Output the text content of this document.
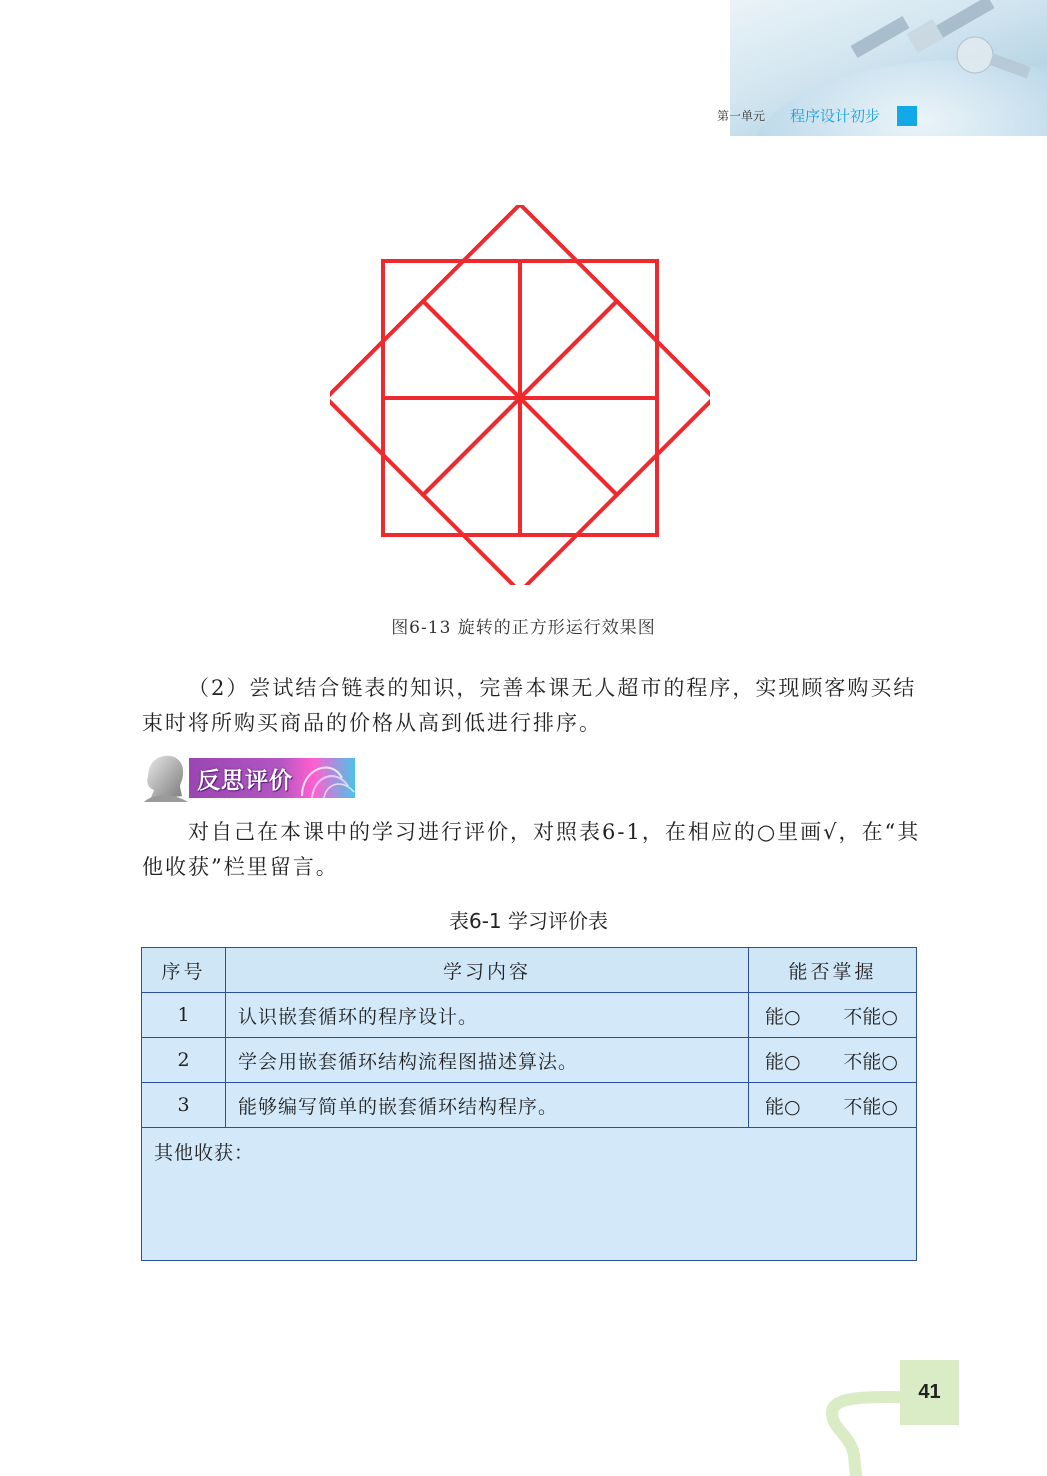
第一单元 程序设计初步
图6-13 旋转的正方形运行效果图
（2）尝试结合链表的知识，完善本课无人超市的程序，实现顾客购买结束时将所购买商品的价格从高到低进行排序。
反思评价
对自己在本课中的学习进行评价，对照表6-1，在相应的○里画√，在“其他收获”栏里留言。
表6-1 学习评价表
序号	学习内容	能否掌握
1	认识嵌套循环的程序设计。	能○ 不能○

2	学会用嵌套循环结构流程图描述算法。	能○ 不能○

3	能够编写简单的嵌套循环结构程序。	能○ 不能○

其他收获：		
41
